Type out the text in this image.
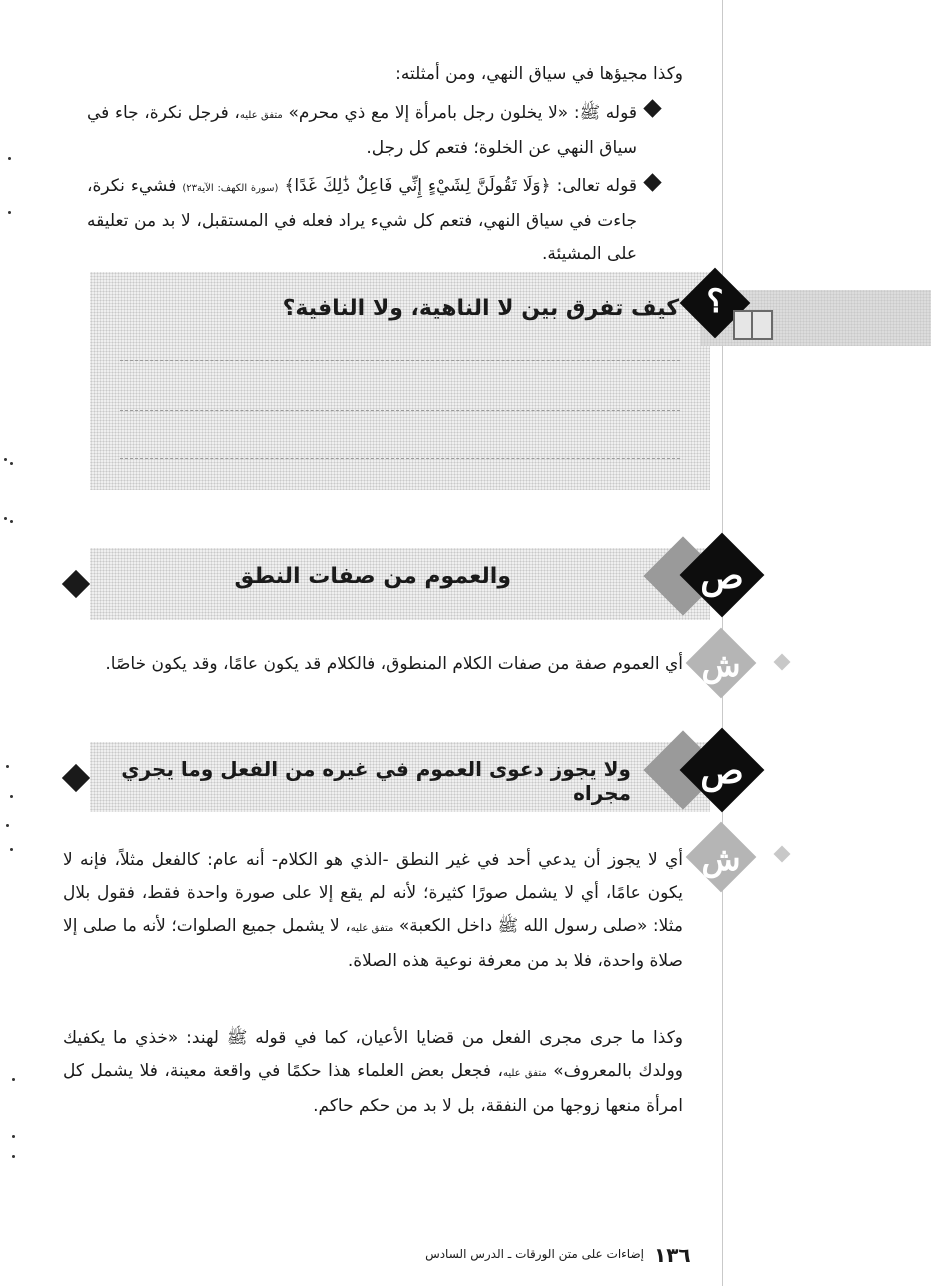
وكذا مجيؤها في سياق النهي، ومن أمثلته:
قوله ﷺ: «لا يخلون رجل بامرأة إلا مع ذي محرم» متفق عليه، فرجل نكرة، جاء في سياق النهي عن الخلوة؛ فتعم كل رجل.
قوله تعالى: ﴿وَلَا تَقُولَنَّ لِشَيْءٍ إِنِّي فَاعِلٌ ذَٰلِكَ غَدًا﴾ (سورة الكهف: الآية٢٣) فشيء نكرة، جاءت في سياق النهي، فتعم كل شيء يراد فعله في المستقبل، لا بد من تعليقه على المشيئة.
؟
كيف تفرق بين لا الناهية، ولا النافية؟
ص
والعموم من صفات النطق
ش
أي العموم صفة من صفات الكلام المنطوق، فالكلام قد يكون عامًا، وقد يكون خاصًا.
ص
ولا يجوز دعوى العموم في غيره من الفعل وما يجري مجراه
ش
أي لا يجوز أن يدعي أحد في غير النطق -الذي هو الكلام- أنه عام: كالفعل مثلاً، فإنه لا يكون عامًا، أي لا يشمل صورًا كثيرة؛ لأنه لم يقع إلا على صورة واحدة فقط، فقول بلال مثلا: «صلى رسول الله ﷺ داخل الكعبة» متفق عليه، لا يشمل جميع الصلوات؛ لأنه ما صلى إلا صلاة واحدة، فلا بد من معرفة نوعية هذه الصلاة.
وكذا ما جرى مجرى الفعل من قضايا الأعيان، كما في قوله ﷺ لهند: «خذي ما يكفيك وولدك بالمعروف» متفق عليه، فجعل بعض العلماء هذا حكمًا في واقعة معينة، فلا يشمل كل امرأة منعها زوجها من النفقة، بل لا بد من حكم حاكم.
١٣٦
إضاءات على متن الورقات ـ الدرس السادس
